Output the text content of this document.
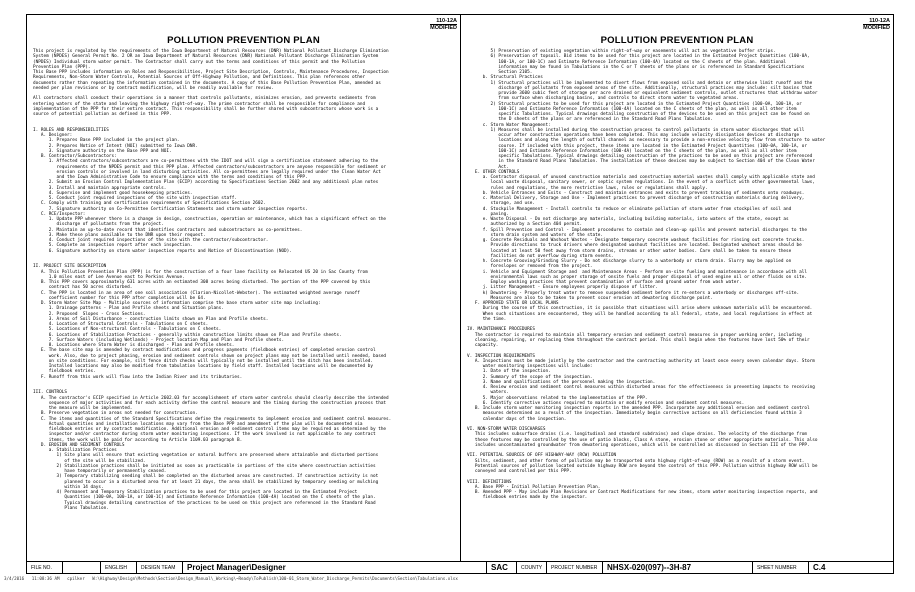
110-12A
MODIFIED
POLLUTION PREVENTION PLAN
This project is regulated by the requirements of the Iowa Department of Natural Resources (DNR) National Pollutant Discharge Elimination
System (NPDES) General Permit No. 2 OR an Iowa Department of Natural Resources (DNR) National Pollutant Discharge Elimination System
(NPDES) Individual storm water permit. The Contractor shall carry out the terms and conditions of this permit and the Pollution
Prevention Plan (PPP).
This Base PPP includes information on Roles and Responsibilities, Project Site Description, Controls, Maintenance Procedures, Inspection
Requirements, Non-Storm Water Controls, Potential Sources of Off-Highway Pollution, and Definitions. This plan references other
documents rather than repeating the information contained in the documents. A copy of this Base Pollution Prevention Plan, amended as
needed per plan revisions or by contract modification, will be readily available for review.

All contractors shall conduct their operations in a manner that controls pollutants, minimizes erosion, and prevents sediments from
entering waters of the state and leaving the highway right-of-way. The prime contractor shall be responsible for compliance and
implementation of the PPP for their entire contract. This responsibility shall be further shared with subcontractors whose work is a
source of potential pollution as defined in this PPP.

I. ROLES AND RESPONSIBILITIES
A. Designer:
1. Prepares Base PPP included in the project plan.
2. Prepares Notice of Intent (NOI) submitted to Iowa DNR.
3. Signature authority on the Base PPP and NOI.
B. Contractor/Subcontractors:
1. Affected contractors/subcontractors are co-permittees with the IDOT and will sign a certification statement adhering to the
requirements of the NPDES permit and this PPP plan. Affected contractors/subcontractors are anyone responsible for sediment or
erosion controls or involved in land disturbing activities. All co-permittees are legally required under the Clean Water Act
and the Iowa Administrative Code to ensure compliance with the terms and conditions of this PPP.
2. Submit an Erosion Control Implementation Plan (ECIP) according to Specifications Section 2602 and any additional plan notes
3. Install and maintain appropriate controls.
4. Supervise and implement good housekeeping practices.
5. Conduct joint required inspections of the site with inspection staff.
C. Comply with training and certification requirements of Specifications Section 2602.
7. Signature authority on Co-Permittee Certification Statements and storm water inspection reports.
C. RCE/Inspector:
1. Update PPP whenever there is a change in design, construction, operation or maintenance, which has a significant effect on the
discharge of pollutants from the project.
2. Maintain an up-to-date record that identifies contractors and subcontractors as co-permittees.
3. Make these plans available to the DNR upon their request.
4. Conduct joint required inspections of the site with the contractor/subcontractor.
5. Complete an inspection report after each inspection.
6. Signature authority on storm water inspection reports and Notice of Discontinuation (NOD).

II. PROJECT SITE DESCRIPTION
A. This Pollution Prevention Plan (PPP) is for the construction of a four lane facility on Relocated US 20 in Sac County from
1.0 miles east of Lee Avenue east to Perkins Avenue.
B. This PPP covers approximately 631 acres with an estimated 308 acres being disturbed. The portion of the PPP covered by this
contract has 50 acres disturbed.
C. The PPP is located in an area of one soil association (Clarion-Nicollet-Webster). The estimated weighted average runoff
coefficient number for this PPP after completion will be 64.
D. Storm Water Site Map - Multiple sources of information comprise the base storm water site map including:
1. Drainage patterns - Plan and Profile sheets and Situation plans.
2. Proposed  Slopes - Cross Sections.
3. Areas of Soil Disturbance - construction limits shown on Plan and Profile sheets.
4. Location of Structural Controls - Tabulations on C sheets.
5. Locations of Non-structural Controls - Tabulations on C sheets.
6. Locations of Stabilization Practices - generally within construction limits shown on Plan and Profile sheets.
7. Surface Waters (including Wetlands) - Project location Map and Plan and Profile sheets.
8. Locations where Storm Water is discharged - Plan and Profile sheets.
E. The base site map is amended by contract modifications and progress payments (fieldbook entries) of completed erosion control
work. Also, due to project phasing, erosion and sediment controls shown on project plans may not be installed until needed, based
on site conditions. For example, silt fence ditch checks will typically not be installed until the ditch has been installed.
Installed locations may also be modified from tabulation locations by field staff. Installed locations will be documented by
fieldbook entries.
F. Runoff from this work will flow into the Indian River and its tributaries.

III. CONTROLS
A. The contractor's ECIP specified in Article 2602.03 for accomplishment of storm water controls should clearly describe the intended
sequence of major activities and for each activity define the control measure and the timing during the construction process that
the measure will be implemented.
B. Preserve vegetation in areas not needed for construction.
C. The items and quantities of the Standard Specifications define the requirements to implement erosion and sediment control measures.
Actual quantities and installation locations may vary from the Base PPP and amendment of the plan will be documented via
fieldbook entries or by contract modification. Additional erosion and sediment control items may be required as determined by the
inspector and/or contractor during storm water monitoring inspections. If the work involved is not applicable to any contract
items, the work will be paid for according to Article 1109.03 paragraph B.
D. EROSION AND SEDIMENT CONTROLS
a. Stabilization Practices
1) Site plans will ensure that existing vegetation or natural buffers are preserved where attainable and disturbed portions
of the site will be stabilized.
2) Stabilization practices shall be initiated as soon as practicable in portions of the site where construction activities
have temporarily or permanently ceased.
3) Temporary stabilizing seeding shall be completed on the disturbed areas are constructed. If construction activity is not
planned to occur in a disturbed area for at least 21 days, the area shall be stabilized by temporary seeding or mulching
within 14 days.
4) Permanent and Temporary Stabilization practices to be used for this project are located in the Estimated Project
Quantities (100-0A, 100-1A, or 100-1C) and Estimate Reference Information (100-4A) located on the C sheets of the plan.
Typical drawings detailing construction of the practices to be used on this project are referenced in the Standard Road
Plans Tabulation.
110-12A
MODIFIED
POLLUTION PREVENTION PLAN
5) Preservation of existing vegetation within right-of-way or easements will act as vegetative buffer strips.
6) Preservation of topsoil. Bid items to be used for this project are located in the Estimated Project Quantities (100-0A,
100-1A, or 100-1C) and Estimate Reference Information (100-4A) located on the C sheets of the plan. Additional
information may be found in Tabulations in the C or T sheets of the plans or is referenced in Standard Specifications
Section 2105.
b. Structural Practices
1) Structural practices will be implemented to divert flows from exposed soils and detain or otherwise limit runoff and the
discharge of pollutants from exposed areas of the site. Additionally, structural practices may include: silt basins that
provide 3600 cubic feet of storage per acre drained or equivalent sediment controls, outlet structures that withdraw water
from surface when discharging basins, and controls to direct storm water to vegetated areas.
2) Structural practices to be used for this project are located in the Estimated Project Quantities (100-0A, 100-1A, or
100-1C) and Estimate Reference Information (100-4A) located on the C sheets of the plan, as well as all other item
specific Tabulations. Typical drawings detailing construction of the devices to be used on this project can be found on
the D sheets of the plans or are referenced in the Standard Road Plans Tabulation.
c. Storm Water Management:
1) Measures shall be installed during the construction process to control pollutants in storm water discharges that will
occur after construction operations have been completed. This may include velocity dissipation devices at discharge
locations and along the length of outfall channel as necessary to provide a non-erosive velocity flow from structure to water
course. If included with this project, these items are located in the Estimated Project Quantities (100-0A, 100-1A, or
100-1C) and Estimate Reference Information (100-4A) located on the C sheets of the plan, as well as all other item
specific Tabulations. Typical drawings detailing construction of the practices to be used on this project are referenced
in the Standard Road Plans Tabulation. The installation of these devices may be subject to Section 404 of the Clean Water
Act.
E. OTHER CONTROLS
a. Contractor disposal of unused construction materials and construction material wastes shall comply with applicable state and
local waste disposal, sanitary sewer, or septic system regulations. In the event of a conflict with other governmental laws,
rules and regulations, the more restrictive laws, rules or regulations shall apply.
b. Vehicle Entrances and Exits - Construct and maintain entrances and exits to prevent tracking of sediments onto roadways.
c. Material Delivery, Storage and Use - Implement practices to prevent discharge of construction materials during delivery,
storage, and use.
d. Stockpile Management - Install controls to reduce or eliminate pollution of storm water from stockpiles of soil and
paving.
e. Waste Disposal - Do not discharge any materials, including building materials, into waters of the state, except as
authorized by a Section 404 permit.
f. Spill Prevention and Control - Implement procedures to contain and clean-up spills and prevent material discharges to the
storm drain system and waters of the state.
g. Concrete Residuals and Washout Wastes - Designate temporary concrete washout facilities for rinsing out concrete trucks.
Provide directions to truck drivers where designated washout facilities are located. Designated washout areas should be
located at least 50 feet away from storm drains, streams or other water bodies. Care shall be taken to ensure these
facilities do not overflow during storm events.
h. Concrete Grooving/Grinding Slurry - Do not discharge slurry to a waterbody or storm drain. Slurry may be applied on
foreslopes or removed from the project.
i. Vehicle and Equipment Storage and  and Maintenance Areas - Perform on-site fueling and maintenance in accordance with all
environmental laws such as proper storage of onsite fuels and proper disposal of used engine oil or other fluids on site.
Employ washing practices that prevent contamination of surface and ground water from wash water.
j. Litter Management - Ensure employees properly dispose of litter.
k) Dewatering - Properly treat water to remove suspended sediment before it re-enters a waterbody or discharges off-site.
Measures are also to be taken to prevent scour erosion at dewatering discharge point.
F. APPROVED STATE OR LOCAL PLANS
During the course of this construction, it is possible that situations will arise where unknown materials will be encountered.
When such situations are encountered, they will be handled according to all federal, state, and local regulations in effect at
the time.

IV. MAINTENANCE PROCEDURES
The contractor is required to maintain all temporary erosion and sediment control measures in proper working order, including
cleaning, repairing, or replacing them throughout the contract period. This shall begin when the features have lost 50% of their
capacity.

V. INSPECTION REQUIREMENTS
A. Inspections must be made jointly by the contractor and the contracting authority at least once every seven calendar days. Storm
water monitoring inspections will include:
1. Date of the inspection.
2. Summary of the scope of the inspection.
3. Name and qualifications of the personnel making the inspection.
4. Review erosion and sediment control measures within disturbed areas for the effectiveness in preventing impacts to receiving
waters.
5. Major observations related to the implementation of the PPP.
6. Identify corrective actions required to maintain or modify erosion and sediment control measures.
B. Include storm water monitoring inspection reports in the amended PPP. Incorporate any additional erosion and sediment control
measures determined as a result of the inspection. Immediately begin corrective actions on all deficiencies found within 3
calendar days of the inspection.

VI. NON-STORM WATER DISCHARGES
This includes subsurface drains (i.e. longitudinal and standard subdrains) and slope drains. The velocity of the discharge from
these features may be controlled by the use of patio blocks, Class A stone, erosion stone or other appropriate materials. This also
includes uncontaminated groundwater from dewatering operations, which will be controlled as discussed in Section III of the PPP.

VII. POTENTIAL SOURCES OF OFF HIGHWAY-WAY (RCW) POLLUTION
Silts, sediment, and other forms of pollution may be transported onto highway right-of-way (ROW) as a result of a storm event.
Potential sources of pollution located outside highway ROW are beyond the control of this PPP. Pollution within highway ROW will be
conveyed and controlled per this PPP.

VIII. DEFINITIONS
A. Base PPP - Initial Pollution Prevention Plan.
B. Amended PPP - May include Plan Revisions or Contract Modifications for new items, storm water monitoring inspection reports, and
fieldbook entries made by the inspector.
FILE NO.	ENGLISH	DESIGN TEAM	Project Manager\Designer	SAC	COUNTY	PROJECT NUMBER	NHSX-020(097)--3H-87	SHEET NUMBER	C.4
3/4/2016 11:08:36 AM cpilker W:\Highway\Design\Methods\Section\Design_Manual\_Working\~Ready\ToPublish\100-01_Storm_Water_Discharge_Permits\Documents\Section\Tabulations.xlsx
